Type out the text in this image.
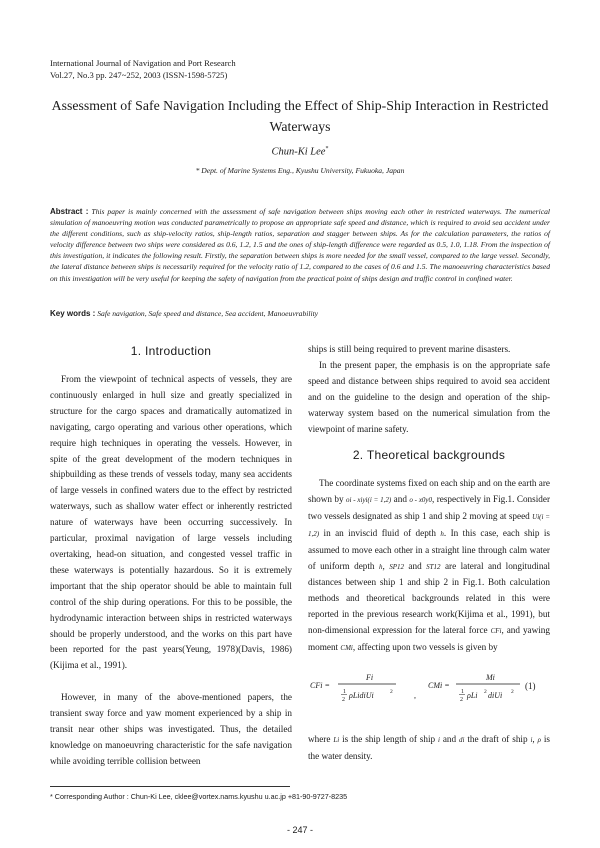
International Journal of Navigation and Port Research
Vol.27, No.3 pp. 247~252, 2003 (ISSN-1598-5725)
Assessment of Safe Navigation Including the Effect of Ship-Ship Interaction in Restricted Waterways
Chun-Ki Lee*
* Dept. of Marine Systems Eng., Kyushu University, Fukuoka, Japan
Abstract : This paper is mainly concerned with the assessment of safe navigation between ships moving each other in restricted waterways. The numerical simulation of manoeuvring motion was conducted parametrically to propose an appropriate safe speed and distance, which is required to avoid sea accident under the different conditions, such as ship-velocity ratios, ship-length ratios, separation and stagger between ships. As for the calculation parameters, the ratios of velocity difference between two ships were considered as 0.6, 1.2, 1.5 and the ones of ship-length difference were regarded as 0.5, 1.0, 1.18. From the inspection of this investigation, it indicates the following result. Firstly, the separation between ships is more needed for the small vessel, compared to the large vessel. Secondly, the lateral distance between ships is necessarily required for the velocity ratio of 1.2, compared to the cases of 0.6 and 1.5. The manoeuvring characteristics based on this investigation will be very useful for keeping the safety of navigation from the practical point of ships design and traffic control in confined water.
Key words : Safe navigation, Safe speed and distance, Sea accident, Manoeuvrability
1. Introduction
From the viewpoint of technical aspects of vessels, they are continuously enlarged in hull size and greatly specialized in structure for the cargo spaces and dramatically automatized in navigating, cargo operating and various other operations, which require high techniques in operating the vessels. However, in spite of the great development of the modern techniques in shipbuilding as these trends of vessels today, many sea accidents of large vessels in confined waters due to the effect by restricted waterways, such as shallow water effect or inherently restricted nature of waterways have been occurring successively. In particular, proximal navigation of large vessels including overtaking, head-on situation, and congested vessel traffic in these waterways is potentially hazardous. So it is extremely important that the ship operator should be able to maintain full control of the ship during operations. For this to be possible, the hydrodynamic interaction between ships in restricted waterways should be properly understood, and the works on this part have been reported for the past years(Yeung, 1978)(Davis, 1986)(Kijima et al., 1991).
However, in many of the above-mentioned papers, the transient sway force and yaw moment experienced by a ship in transit near other ships was investigated. Thus, the detailed knowledge on manoeuvring characteristic for the safe navigation while avoiding terrible collision between
ships is still being required to prevent marine disasters.
In the present paper, the emphasis is on the appropriate safe speed and distance between ships required to avoid sea accident and on the guideline to the design and operation of the ship-waterway system based on the numerical simulation from the viewpoint of marine safety.
2. Theoretical backgrounds
The coordinate systems fixed on each ship and on the earth are shown by oi - xiyi(i = 1,2) and o - x0y0, respectively in Fig.1. Consider two vessels designated as ship 1 and ship 2 moving at speed Ui(i = 1,2) in an inviscid fluid of depth h. In this case, each ship is assumed to move each other in a straight line through calm water of uniform depth h, SP12 and ST12 are lateral and longitudinal distances between ship 1 and ship 2 in Fig.1. Both calculation methods and theoretical backgrounds related in this were reported in the previous research work(Kijima et al., 1991), but non-dimensional expression for the lateral force CFi, and yawing moment CMi, affecting upon two vessels is given by
CFi =
Fi
1
2 ρLidiUi	2	,
CMi =
Mi
1
2 ρLi 2 diUi 2
(1)
where Li is the ship length of ship i and di the draft of ship i, ρ is the water density.
* Corresponding Author : Chun-Ki Lee, cklee@vortex.nams.kyushu u.ac.jp +81-90-9727-8235
- 247 -
